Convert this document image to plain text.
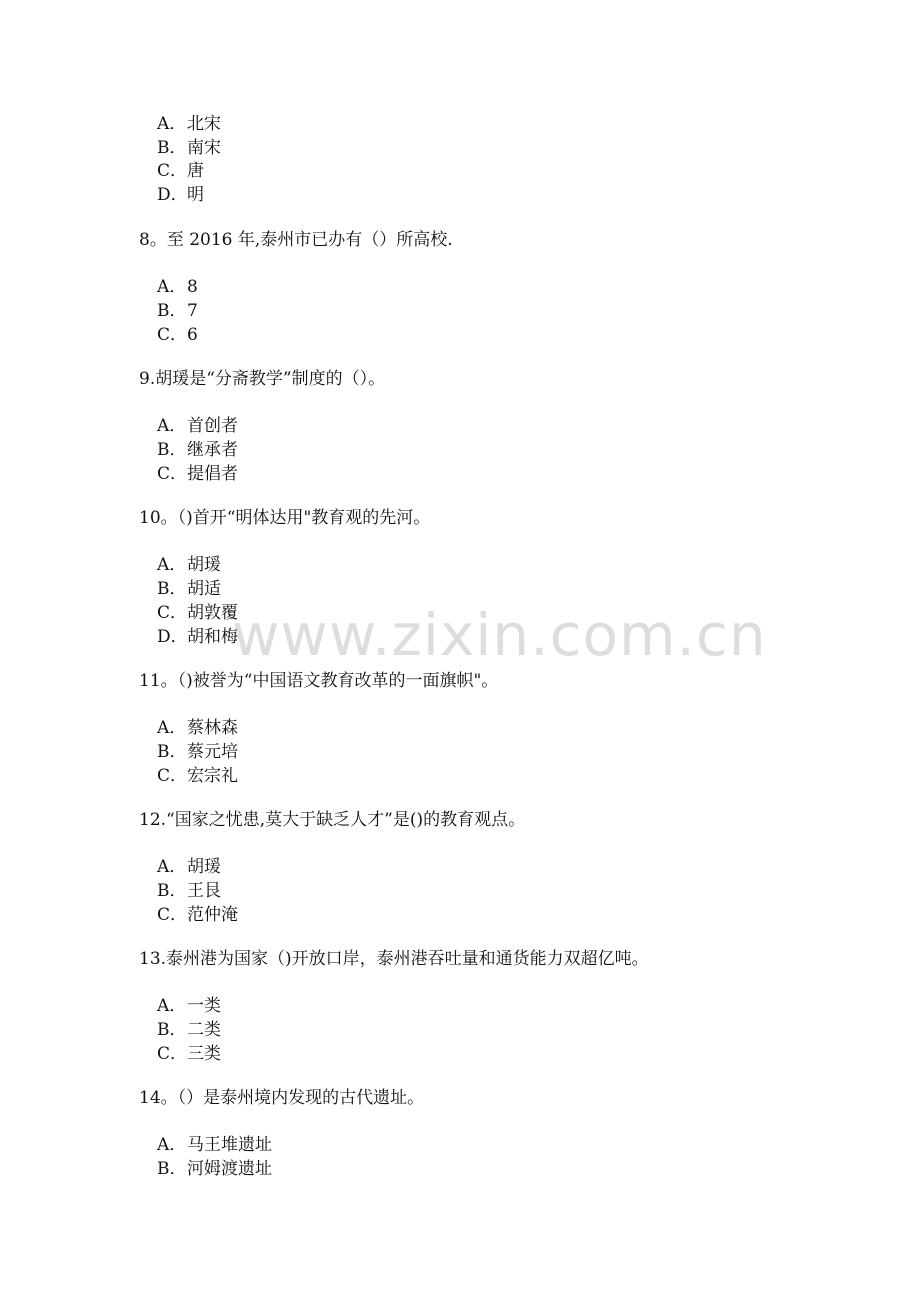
A．北宋
B．南宋
C．唐
D．明
8。至 2016 年,泰州市已办有（）所高校.
A．8
B．7
C．6
9.胡瑗是“分斋教学”制度的（）。
A．首创者
B．继承者
C．提倡者
10。（)首开“明体达用"教育观的先河。
A．胡瑗
B．胡适
C．胡敦覆
D．胡和梅
11。（)被誉为“中国语文教育改革的一面旗帜"。
A．蔡林森
B．蔡元培
C．宏宗礼
12.“国家之忧患,莫大于缺乏人才”是()的教育观点。
A．胡瑗
B．王艮
C．范仲淹
13.泰州港为国家（)开放口岸，泰州港吞吐量和通货能力双超亿吨。
A．一类
B．二类
C．三类
14。（）是泰州境内发现的古代遗址。
A．马王堆遗址
B．河姆渡遗址
www.zixin.com.cn
